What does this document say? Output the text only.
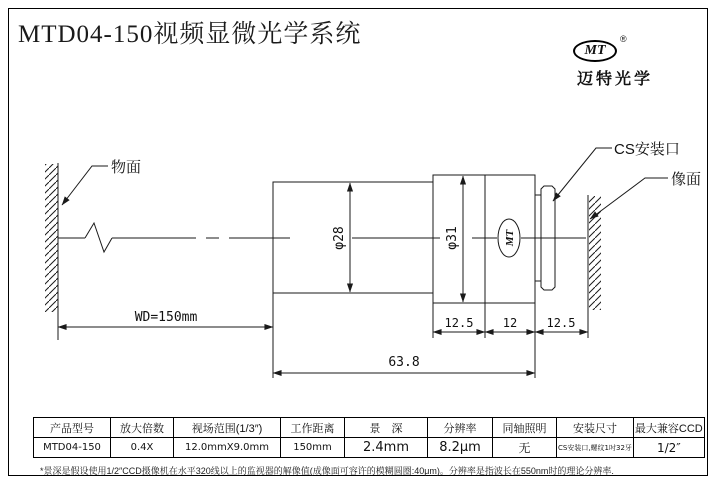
MTD04-150视频显微光学系统
MT
®
迈特光学
MT
φ28	φ31
WD=150mm
63.8
12.5 12 12.5
物面
CS安装口
像面
产品型号	放大倍数	视场范围(1/3″)	工作距离	景　深	分辨率	同轴照明	安装尺寸	最大兼容CCD
MTD04-150	0.4X	12.0mmX9.0mm	150mm	2.4mm	8.2μm	无	CS安装口,螺纹1吋32牙	1/2″
*景深是假设使用1/2″CCD摄像机在水平320线以上的监视器的解像值(成像面可容许的模糊圆圈:40μm)。分辨率是指波长在550nm时的理论分辨率.
